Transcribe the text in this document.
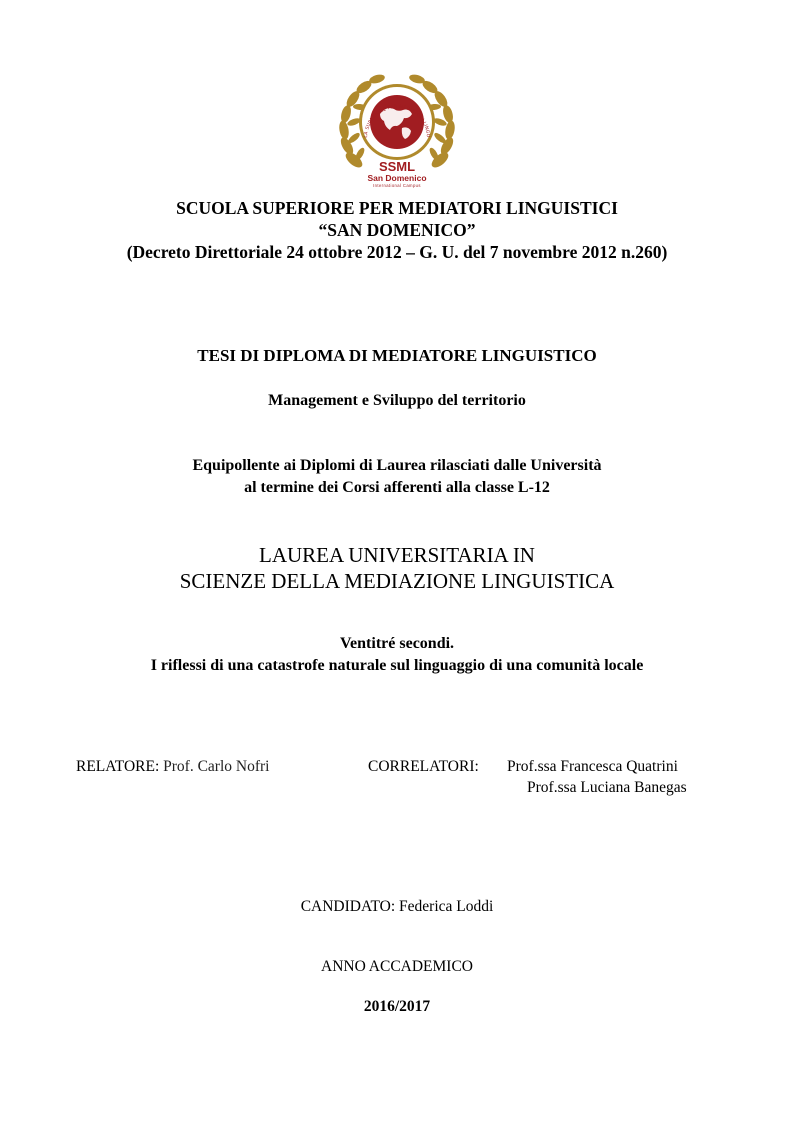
LA SUPERIORE PER MEDIATORI LINGU
SSML
San Domenico
International Campus
SCUOLA SUPERIORE PER MEDIATORI LINGUISTICI
“SAN DOMENICO”
(Decreto Direttoriale 24 ottobre 2012 – G. U. del 7 novembre 2012 n.260)
TESI DI DIPLOMA DI MEDIATORE LINGUISTICO
Management e Sviluppo del territorio
Equipollente ai Diplomi di Laurea rilasciati dalle Università
al termine dei Corsi afferenti alla classe L-12
LAUREA UNIVERSITARIA IN
SCIENZE DELLA MEDIAZIONE LINGUISTICA
Ventitré secondi.
I riflessi di una catastrofe naturale sul linguaggio di una comunità locale
RELATORE: Prof. Carlo Nofri	CORRELATORI: Prof.ssa Francesca Quatrini
Prof.ssa Luciana Banegas
CANDIDATO: Federica Loddi
ANNO ACCADEMICO
2016/2017
